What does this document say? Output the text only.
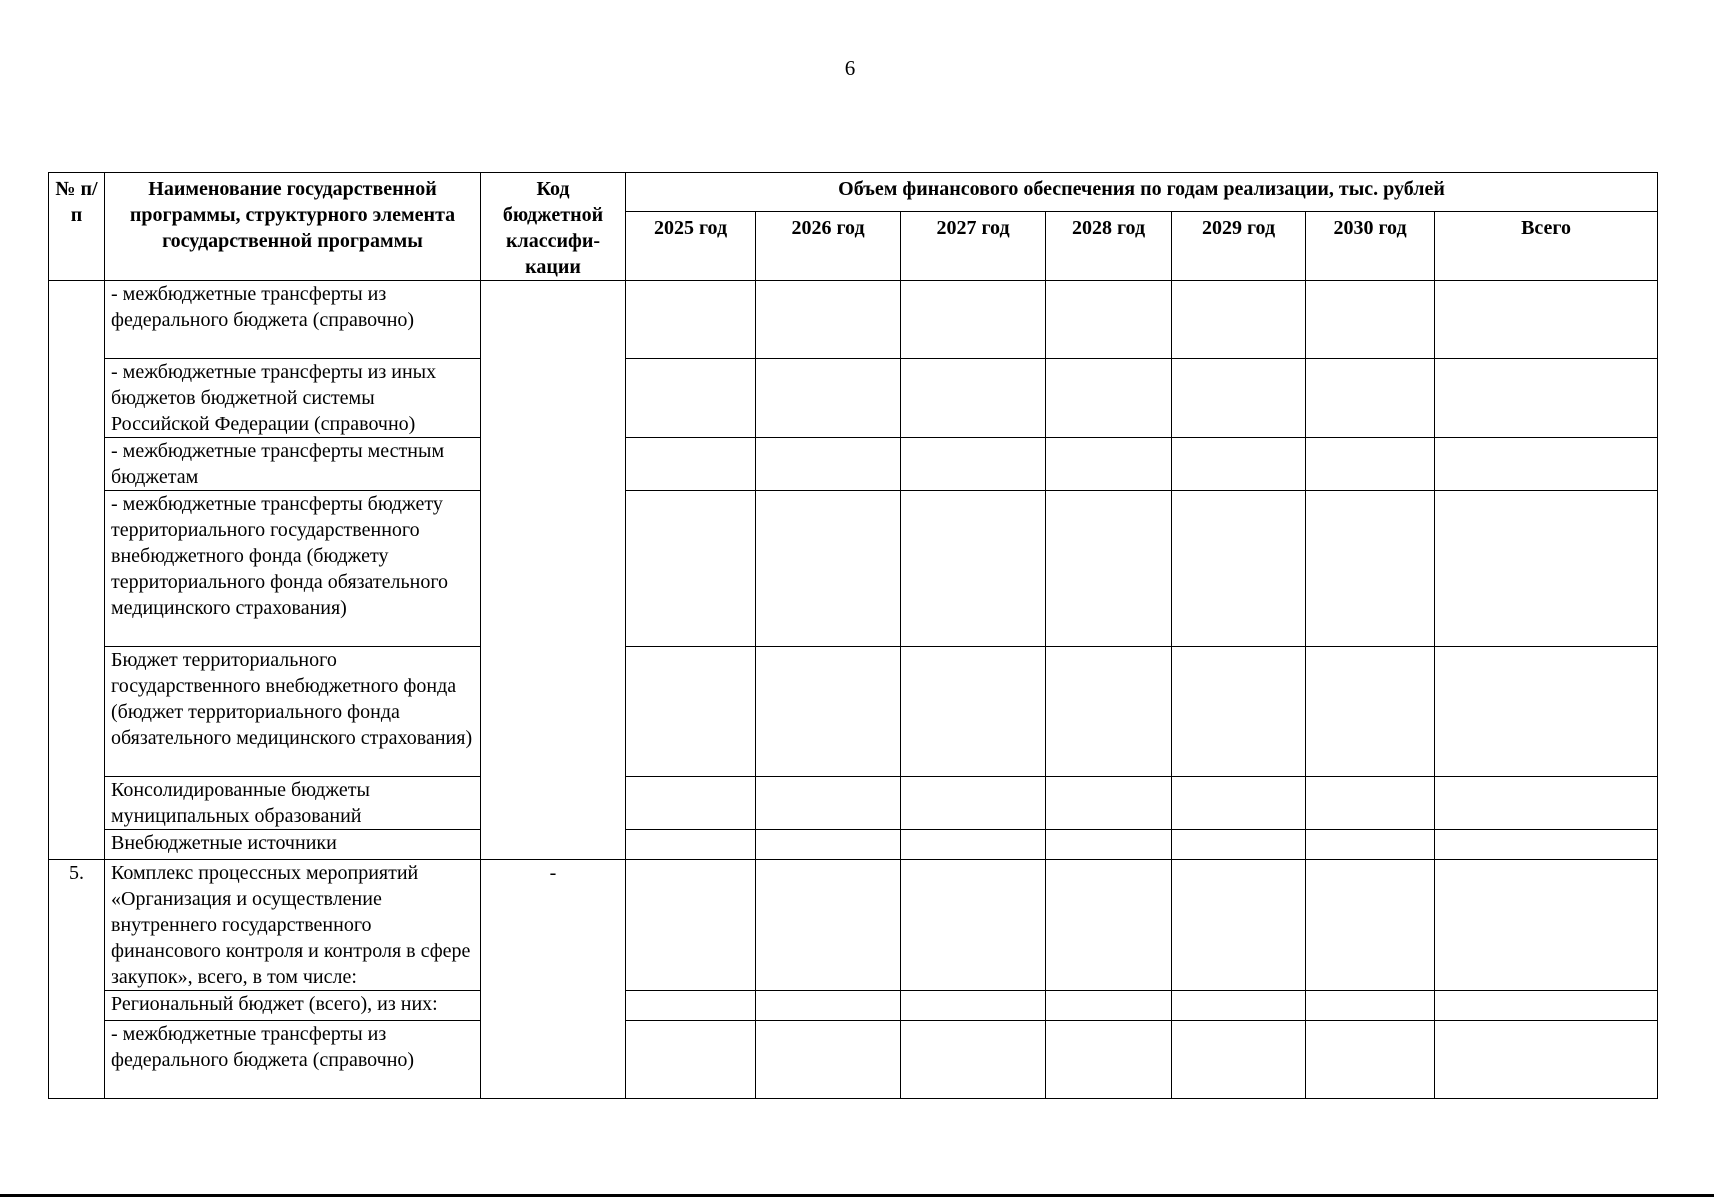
6
№ п/п	Наименование государственной программы, структурного элемента государственной программы	Код бюджетной классифи-кации	Объем финансового обеспечения по годам реализации, тыс. рублей						
			2025 год	2026 год	2027 год	2028 год	2029 год	2030 год	Всего
	- межбюджетные трансферты из федерального бюджета (справочно)								
	- межбюджетные трансферты из иных бюджетов бюджетной системы Российской Федерации (справочно)								
	- межбюджетные трансферты местным бюджетам								
	- межбюджетные трансферты бюджету территориального государственного внебюджетного фонда (бюджету территориального фонда обязательного медицинского страхования)								
	Бюджет территориального государственного внебюджетного фонда (бюджет территориального фонда обязательного медицинского страхования)								
	Консолидированные бюджеты муниципальных образований								
	Внебюджетные источники								
5.	Комплекс процессных мероприятий «Организация и осуществление внутреннего государственного финансового контроля и контроля в сфере закупок», всего, в том числе:	-							
	Региональный бюджет (всего), из них:								
	- межбюджетные трансферты из федерального бюджета (справочно)								
